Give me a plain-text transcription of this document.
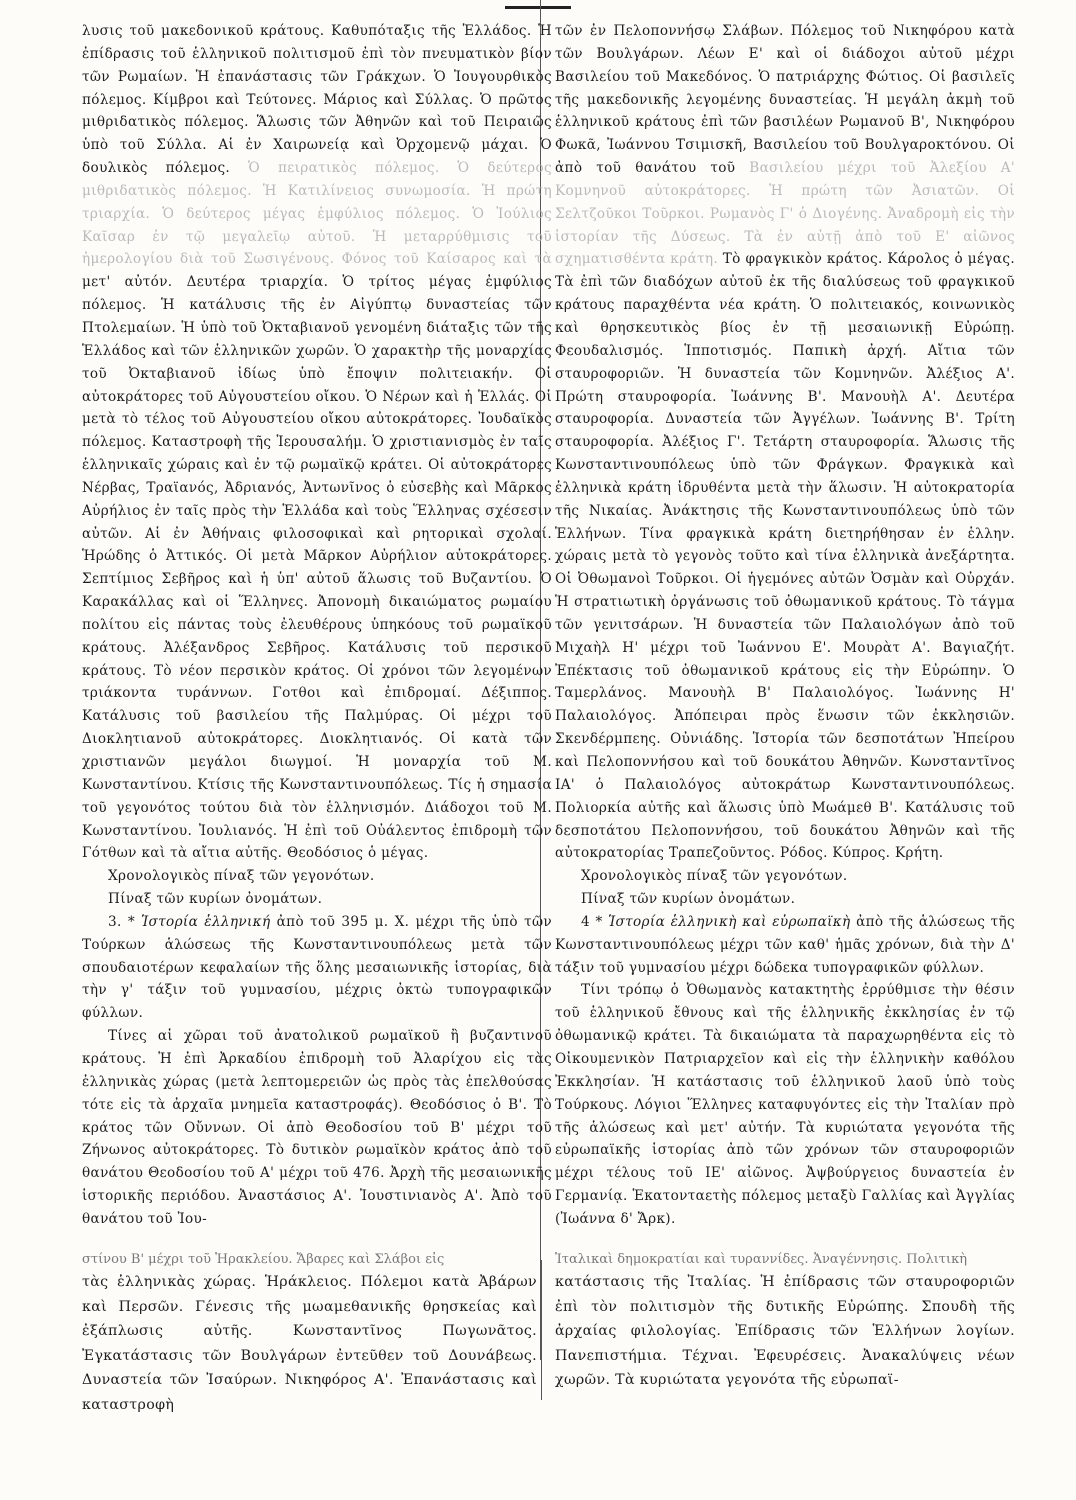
λυσις τοῦ μακεδονικοῦ κράτους. Καθυπόταξις τῆς Ἑλλάδος. Ἡ ἐπίδρασις τοῦ ἑλληνικοῦ πολιτισμοῦ ἐπὶ τὸν πνευματικὸν βίον τῶν Ρωμαίων. Ἡ ἐπανάστασις τῶν Γράκχων. Ὁ Ἰουγουρθικὸς πόλεμος. Κίμβροι καὶ Τεύτονες. Μάριος καὶ Σύλλας. Ὁ πρῶτος μιθριδατικὸς πόλεμος. Ἅλωσις τῶν Ἀθηνῶν καὶ τοῦ Πειραιῶς ὑπὸ τοῦ Σύλλα. Αἱ ἐν Χαιρωνείᾳ καὶ Ὀρχομενῷ μάχαι. Ὁ δουλικὸς πόλεμος. Ὁ πειρατικὸς πόλεμος. Ὁ δεύτερος μιθριδατικὸς πόλεμος. Ἡ Κατιλίνειος συνωμοσία. Ἡ πρώτη τριαρχία. Ὁ δεύτερος μέγας ἐμφύλιος πόλεμος. Ὁ Ἰούλιος Καῖσαρ ἐν τῷ μεγαλεῖῳ αὐτοῦ. Ἡ μεταρρύθμισις τοῦ ἡμερολογίου διὰ τοῦ Σωσιγένους. Φόνος τοῦ Καίσαρος καὶ τὰ μετ' αὐτόν. Δευτέρα τριαρχία. Ὁ τρίτος μέγας ἐμφύλιος πόλεμος. Ἡ κατάλυσις τῆς ἐν Αἰγύπτῳ δυναστείας τῶν Πτολεμαίων. Ἡ ὑπὸ τοῦ Ὀκταβιανοῦ γενομένη διάταξις τῶν τῆς Ἑλλάδος καὶ τῶν ἑλληνικῶν χωρῶν. Ὁ χαρακτὴρ τῆς μοναρχίας τοῦ Ὀκταβιανοῦ ἰδίως ὑπὸ ἔποψιν πολιτειακήν. Οἱ αὐτοκράτορες τοῦ Αὐγουστείου οἴκου. Ὁ Νέρων καὶ ἡ Ἑλλάς. Οἱ μετὰ τὸ τέλος τοῦ Αὐγουστείου οἴκου αὐτοκράτορες. Ἰουδαϊκὸς πόλεμος. Καταστροφὴ τῆς Ἱερουσαλήμ. Ὁ χριστιανισμὸς ἐν ταῖς ἑλληνικαῖς χώραις καὶ ἐν τῷ ρωμαϊκῷ κράτει. Οἱ αὐτοκράτορες Νέρβας, Τραϊανός, Ἀδριανός, Ἀντωνῖνος ὁ εὐσεβὴς καὶ Μᾶρκος Αὐρήλιος ἐν ταῖς πρὸς τὴν Ἑλλάδα καὶ τοὺς Ἕλληνας σχέσεσιν αὐτῶν. Αἱ ἐν Ἀθήναις φιλοσοφικαὶ καὶ ρητορικαὶ σχολαί. Ἡρώδης ὁ Ἀττικός. Οἱ μετὰ Μᾶρκον Αὐρήλιον αὐτοκράτορες. Σεπτίμιος Σεβῆρος καὶ ἡ ὑπ' αὐτοῦ ἅλωσις τοῦ Βυζαντίου. Ὁ Καρακάλλας καὶ οἱ Ἕλληνες. Ἀπονομὴ δικαιώματος ρωμαίου πολίτου εἰς πάντας τοὺς ἐλευθέρους ὑπηκόους τοῦ ρωμαϊκοῦ κράτους. Ἀλέξανδρος Σεβῆρος. Κατάλυσις τοῦ περσικοῦ κράτους. Τὸ νέον περσικὸν κράτος. Οἱ χρόνοι τῶν λεγομένων τριάκοντα τυράννων. Γοτθοι καὶ ἐπιδρομαί. Δέξιππος. Κατάλυσις τοῦ βασιλείου τῆς Παλμύρας. Οἱ μέχρι τοῦ Διοκλητιανοῦ αὐτοκράτορες. Διοκλητιανός. Οἱ κατὰ τῶν χριστιανῶν μεγάλοι διωγμοί. Ἡ μοναρχία τοῦ Μ. Κωνσταντίνου. Κτίσις τῆς Κωνσταντινουπόλεως. Τίς ἡ σημασία τοῦ γεγονότος τούτου διὰ τὸν ἑλληνισμόν. Διάδοχοι τοῦ Μ. Κωνσταντίνου. Ἰουλιανός. Ἡ ἐπὶ τοῦ Οὐάλεντος ἐπιδρομὴ τῶν Γότθων καὶ τὰ αἴτια αὐτῆς. Θεοδόσιος ὁ μέγας.

Χρονολογικὸς πίναξ τῶν γεγονότων.

Πίναξ τῶν κυρίων ὀνομάτων.

3. * Ἱστορία ἑλληνική ἀπὸ τοῦ 395 μ. Χ. μέχρι τῆς ὑπὸ τῶν Τούρκων ἁλώσεως τῆς Κωνσταντινουπόλεως μετὰ τῶν σπουδαιοτέρων κεφαλαίων τῆς ὅλης μεσαιωνικῆς ἱστορίας, διὰ τὴν γ' τάξιν τοῦ γυμνασίου, μέχρις ὀκτὼ τυπογραφικῶν φύλλων.

Τίνες αἱ χῶραι τοῦ ἀνατολικοῦ ρωμαϊκοῦ ἢ βυζαντινοῦ κράτους. Ἡ ἐπὶ Ἀρκαδίου ἐπιδρομὴ τοῦ Ἀλαρίχου εἰς τὰς ἑλληνικὰς χώρας (μετὰ λεπτομερειῶν ὡς πρὸς τὰς ἐπελθούσας τότε εἰς τὰ ἀρχαῖα μνημεῖα καταστροφάς). Θεοδόσιος ὁ Β'. Τὸ κράτος τῶν Οὔννων. Οἱ ἀπὸ Θεοδοσίου τοῦ Β' μέχρι τοῦ Ζήνωνος αὐτοκράτορες. Τὸ δυτικὸν ρωμαϊκὸν κράτος ἀπὸ τοῦ θανάτου Θεοδοσίου τοῦ Α' μέχρι τοῦ 476. Ἀρχὴ τῆς μεσαιωνικῆς ἱστορικῆς περιόδου. Ἀναστάσιος Α'. Ἰουστινιανὸς Α'. Ἀπὸ τοῦ θανάτου τοῦ Ἰου-

τῶν ἐν Πελοποννήσῳ Σλάβων. Πόλεμος τοῦ Νικηφόρου κατὰ τῶν Βουλγάρων. Λέων Ε' καὶ οἱ διάδοχοι αὐτοῦ μέχρι Βασιλείου τοῦ Μακεδόνος. Ὁ πατριάρχης Φώτιος. Οἱ βασιλεῖς τῆς μακεδονικῆς λεγομένης δυναστείας. Ἡ μεγάλη ἀκμὴ τοῦ ἑλληνικοῦ κράτους ἐπὶ τῶν βασιλέων Ρωμανοῦ Β', Νικηφόρου Φωκᾶ, Ἰωάννου Τσιμισκῆ, Βασιλείου τοῦ Βουλγαροκτόνου. Οἱ ἀπὸ τοῦ θανάτου τοῦ Βασιλείου μέχρι τοῦ Ἀλεξίου Α' Κομνηνοῦ αὐτοκράτορες. Ἡ πρώτη τῶν Ἀσιατῶν. Οἱ Σελτζοῦκοι Τοῦρκοι. Ρωμανὸς Γ' ὁ Διογένης. Ἀναδρομὴ εἰς τὴν ἱστορίαν τῆς Δύσεως. Τὰ ἐν αὐτῇ ἀπὸ τοῦ Ε' αἰῶνος σχηματισθέντα κράτη. Τὸ φραγκικὸν κράτος. Κάρολος ὁ μέγας. Τὰ ἐπὶ τῶν διαδόχων αὐτοῦ ἐκ τῆς διαλύσεως τοῦ φραγκικοῦ κράτους παραχθέντα νέα κράτη. Ὁ πολιτειακός, κοινωνικὸς καὶ θρησκευτικὸς βίος ἐν τῇ μεσαιωνικῇ Εὐρώπῃ. Φεουδαλισμός. Ἱπποτισμός. Παπικὴ ἀρχή. Αἴτια τῶν σταυροφοριῶν. Ἡ δυναστεία τῶν Κομνηνῶν. Ἀλέξιος Α'. Πρώτη σταυροφορία. Ἰωάννης Β'. Μανουὴλ Α'. Δευτέρα σταυροφορία. Δυναστεία τῶν Ἀγγέλων. Ἰωάννης Β'. Τρίτη σταυροφορία. Ἀλέξιος Γ'. Τετάρτη σταυροφορία. Ἅλωσις τῆς Κωνσταντινουπόλεως ὑπὸ τῶν Φράγκων. Φραγκικὰ καὶ ἑλληνικὰ κράτη ἱδρυθέντα μετὰ τὴν ἅλωσιν. Ἡ αὐτοκρατορία τῆς Νικαίας. Ἀνάκτησις τῆς Κωνσταντινουπόλεως ὑπὸ τῶν Ἑλλήνων. Τίνα φραγκικὰ κράτη διετηρήθησαν ἐν ἑλλην. χώραις μετὰ τὸ γεγονὸς τοῦτο καὶ τίνα ἑλληνικὰ ἀνεξάρτητα. Οἱ Ὀθωμανοὶ Τοῦρκοι. Οἱ ἡγεμόνες αὐτῶν Ὀσμὰν καὶ Οὐρχάν. Ἡ στρατιωτικὴ ὀργάνωσις τοῦ ὀθωμανικοῦ κράτους. Τὸ τάγμα τῶν γενιτσάρων. Ἡ δυναστεία τῶν Παλαιολόγων ἀπὸ τοῦ Μιχαὴλ Η' μέχρι τοῦ Ἰωάννου Ε'. Μουρὰτ Α'. Βαγιαζήτ. Ἐπέκτασις τοῦ ὀθωμανικοῦ κράτους εἰς τὴν Εὐρώπην. Ὁ Ταμερλάνος. Μανουὴλ Β' Παλαιολόγος. Ἰωάννης Η' Παλαιολόγος. Ἀπόπειραι πρὸς ἕνωσιν τῶν ἐκκλησιῶν. Σκενδέρμπεης. Οὐνιάδης. Ἱστορία τῶν δεσποτάτων Ἠπείρου καὶ Πελοποννήσου καὶ τοῦ δουκάτου Ἀθηνῶν. Κωνσταντῖνος ΙΑ' ὁ Παλαιολόγος αὐτοκράτωρ Κωνσταντινουπόλεως. Πολιορκία αὐτῆς καὶ ἅλωσις ὑπὸ Μωάμεθ Β'. Κατάλυσις τοῦ δεσποτάτου Πελοποννήσου, τοῦ δουκάτου Ἀθηνῶν καὶ τῆς αὐτοκρατορίας Τραπεζοῦντος. Ρόδος. Κύπρος. Κρήτη.

Χρονολογικὸς πίναξ τῶν γεγονότων.

Πίναξ τῶν κυρίων ὀνομάτων.

4 * Ἱστορία ἑλληνικὴ καὶ εὐρωπαϊκὴ ἀπὸ τῆς ἁλώσεως τῆς Κωνσταντινουπόλεως μέχρι τῶν καθ' ἡμᾶς χρόνων, διὰ τὴν Δ' τάξιν τοῦ γυμνασίου μέχρι δώδεκα τυπογραφικῶν φύλλων.

Τίνι τρόπῳ ὁ Ὀθωμανὸς κατακτητὴς ἐρρύθμισε τὴν θέσιν τοῦ ἑλληνικοῦ ἔθνους καὶ τῆς ἑλληνικῆς ἐκκλησίας ἐν τῷ ὀθωμανικῷ κράτει. Τὰ δικαιώματα τὰ παραχωρηθέντα εἰς τὸ Οἰκουμενικὸν Πατριαρχεῖον καὶ εἰς τὴν ἑλληνικὴν καθόλου Ἐκκλησίαν. Ἡ κατάστασις τοῦ ἑλληνικοῦ λαοῦ ὑπὸ τοὺς Τούρκους. Λόγιοι Ἕλληνες καταφυγόντες εἰς τὴν Ἰταλίαν πρὸ τῆς ἁλώσεως καὶ μετ' αὐτήν. Τὰ κυριώτατα γεγονότα τῆς εὐρωπαϊκῆς ἱστορίας ἀπὸ τῶν χρόνων τῶν σταυροφοριῶν μέχρι τέλους τοῦ ΙΕ' αἰῶνος. Ἀψβούργειος δυναστεία ἐν Γερμανίᾳ. Ἑκατονταετὴς πόλεμος μεταξὺ Γαλλίας καὶ Ἀγγλίας (Ἰωάννα δ' Ἄρκ).

στίνου Β' μέχρι τοῦ Ἡρακλείου. Ἄβαρες καὶ Σλάβοι εἰς	Ἰταλικαὶ δημοκρατίαι καὶ τυραννίδες. Ἀναγέννησις. Πολιτικὴ
τὰς ἑλληνικὰς χώρας. Ἡράκλειος. Πόλεμοι κατὰ Ἀβάρων καὶ Περσῶν. Γένεσις τῆς μωαμεθανικῆς θρησκείας καὶ ἐξάπλωσις αὐτῆς. Κωνσταντῖνος Πωγωνᾶτος. Ἐγκατάστασις τῶν Βουλγάρων ἐντεῦθεν τοῦ Δουνάβεως. Δυναστεία τῶν Ἰσαύρων. Νικηφόρος Α'. Ἐπανάστασις καὶ καταστροφὴ
κατάστασις τῆς Ἰταλίας. Ἡ ἐπίδρασις τῶν σταυροφοριῶν ἐπὶ τὸν πολιτισμὸν τῆς δυτικῆς Εὐρώπης. Σπουδὴ τῆς ἀρχαίας φιλολογίας. Ἐπίδρασις τῶν Ἑλλήνων λογίων. Πανεπιστήμια. Τέχναι. Ἐφευρέσεις. Ἀνακαλύψεις νέων χωρῶν. Τὰ κυριώτατα γεγονότα τῆς εὐρωπαϊ-
